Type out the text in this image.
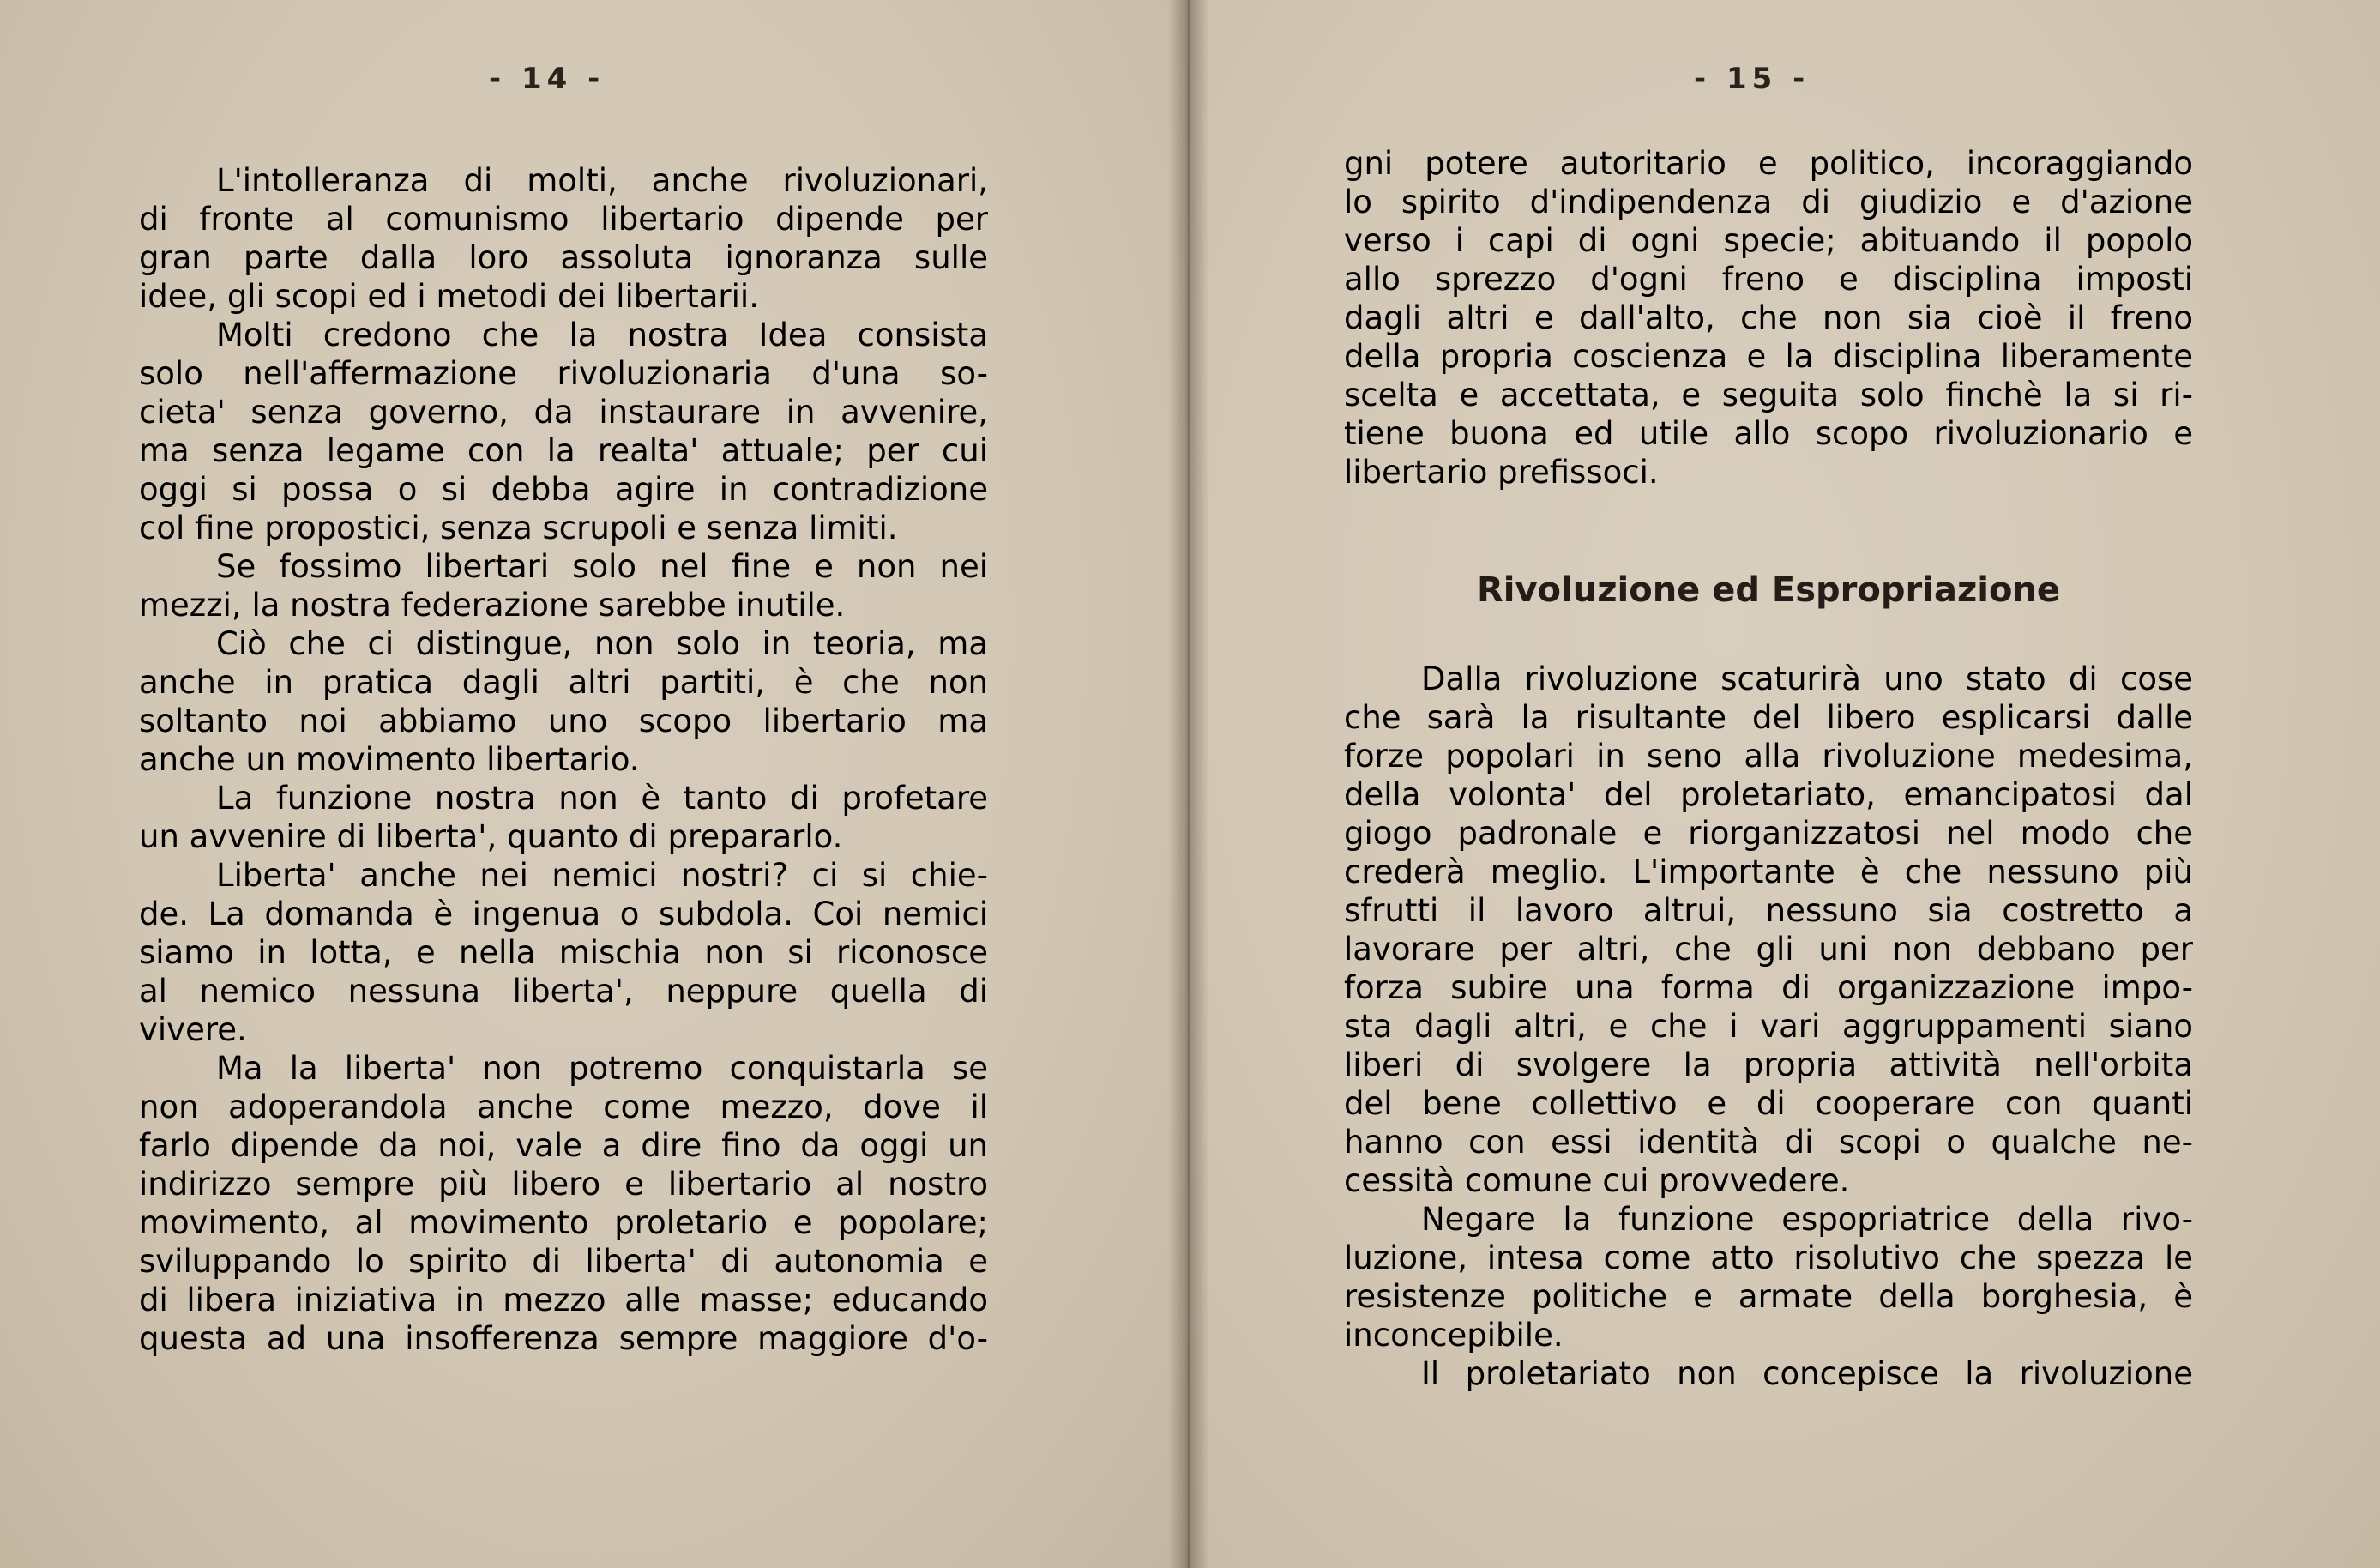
- 14 -	- 15 -
L'intolleranza di molti, anche rivoluzionari,
di fronte al comunismo libertario dipende per
gran parte dalla loro assoluta ignoranza sulle
idee, gli scopi ed i metodi dei libertarii.
Molti credono che la nostra Idea consista
solo nell'affermazione rivoluzionaria d'una so-
cieta' senza governo, da instaurare in avvenire,
ma senza legame con la realta' attuale; per cui
oggi si possa o si debba agire in contradizione
col fine propostici, senza scrupoli e senza limiti.
Se fossimo libertari solo nel fine e non nei
mezzi, la nostra federazione sarebbe inutile.
Ciò che ci distingue, non solo in teoria, ma
anche in pratica dagli altri partiti, è che non
soltanto noi abbiamo uno scopo libertario ma
anche un movimento libertario.
La funzione nostra non è tanto di profetare
un avvenire di liberta', quanto di prepararlo.
Liberta' anche nei nemici nostri? ci si chie-
de. La domanda è ingenua o subdola. Coi nemici
siamo in lotta, e nella mischia non si riconosce
al nemico nessuna liberta', neppure quella di
vivere.
Ma la liberta' non potremo conquistarla se
non adoperandola anche come mezzo, dove il
farlo dipende da noi, vale a dire fino da oggi un
indirizzo sempre più libero e libertario al nostro
movimento, al movimento proletario e popolare;
sviluppando lo spirito di liberta' di autonomia e
di libera iniziativa in mezzo alle masse; educando
questa ad una insofferenza sempre maggiore d'o-
gni potere autoritario e politico, incoraggiando
lo spirito d'indipendenza di giudizio e d'azione
verso i capi di ogni specie; abituando il popolo
allo sprezzo d'ogni freno e disciplina imposti
dagli altri e dall'alto, che non sia cioè il freno
della propria coscienza e la disciplina liberamente
scelta e accettata, e seguita solo finchè la si ri-
tiene buona ed utile allo scopo rivoluzionario e
libertario prefissoci.
Rivoluzione ed Espropriazione
Dalla rivoluzione scaturirà uno stato di cose
che sarà la risultante del libero esplicarsi dalle
forze popolari in seno alla rivoluzione medesima,
della volonta' del proletariato, emancipatosi dal
giogo padronale e riorganizzatosi nel modo che
crederà meglio. L'importante è che nessuno più
sfrutti il lavoro altrui, nessuno sia costretto a
lavorare per altri, che gli uni non debbano per
forza subire una forma di organizzazione impo-
sta dagli altri, e che i vari aggruppamenti siano
liberi di svolgere la propria attività nell'orbita
del bene collettivo e di cooperare con quanti
hanno con essi identità di scopi o qualche ne-
cessità comune cui provvedere.
Negare la funzione espopriatrice della rivo-
luzione, intesa come atto risolutivo che spezza le
resistenze politiche e armate della borghesia, è
inconcepibile.
Il proletariato non concepisce la rivoluzione
